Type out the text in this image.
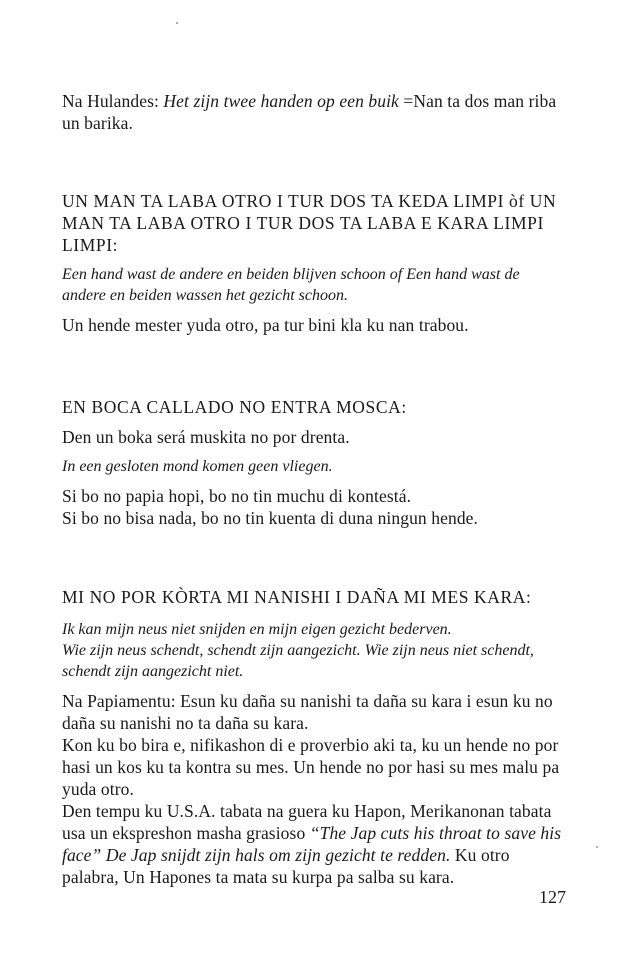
Na Hulandes: Het zijn twee handen op een buik =Nan ta dos man riba un barika.

UN MAN TA LABA OTRO I TUR DOS TA KEDA LIMPI òf UN MAN TA LABA OTRO I TUR DOS TA LABA E KARA LIMPI LIMPI:

Een hand wast de andere en beiden blijven schoon of Een hand wast de andere en beiden wassen het gezicht schoon.

Un hende mester yuda otro, pa tur bini kla ku nan trabou.

EN BOCA CALLADO NO ENTRA MOSCA:

Den un boka será muskita no por drenta.

In een gesloten mond komen geen vliegen.

Si bo no papia hopi, bo no tin muchu di kontestá.

Si bo no bisa nada, bo no tin kuenta di duna ningun hende.

MI NO POR KÒRTA MI NANISHI I DAÑA MI MES KARA:

Ik kan mijn neus niet snijden en mijn eigen gezicht bederven.

Wie zijn neus schendt, schendt zijn aangezicht. Wie zijn neus niet schendt, schendt zijn aangezicht niet.

Na Papiamentu: Esun ku daña su nanishi ta daña su kara i esun ku no daña su nanishi no ta daña su kara.

Kon ku bo bira e, nifikashon di e proverbio aki ta, ku un hende no por hasi un kos ku ta kontra su mes. Un hende no por hasi su mes malu pa yuda otro.

Den tempu ku U.S.A. tabata na guera ku Hapon, Merikanonan tabata usa un ekspreshon masha grasioso “The Jap cuts his throat to save his face” De Jap snijdt zijn hals om zijn gezicht te redden. Ku otro palabra, Un Hapones ta mata su kurpa pa salba su kara.

127
